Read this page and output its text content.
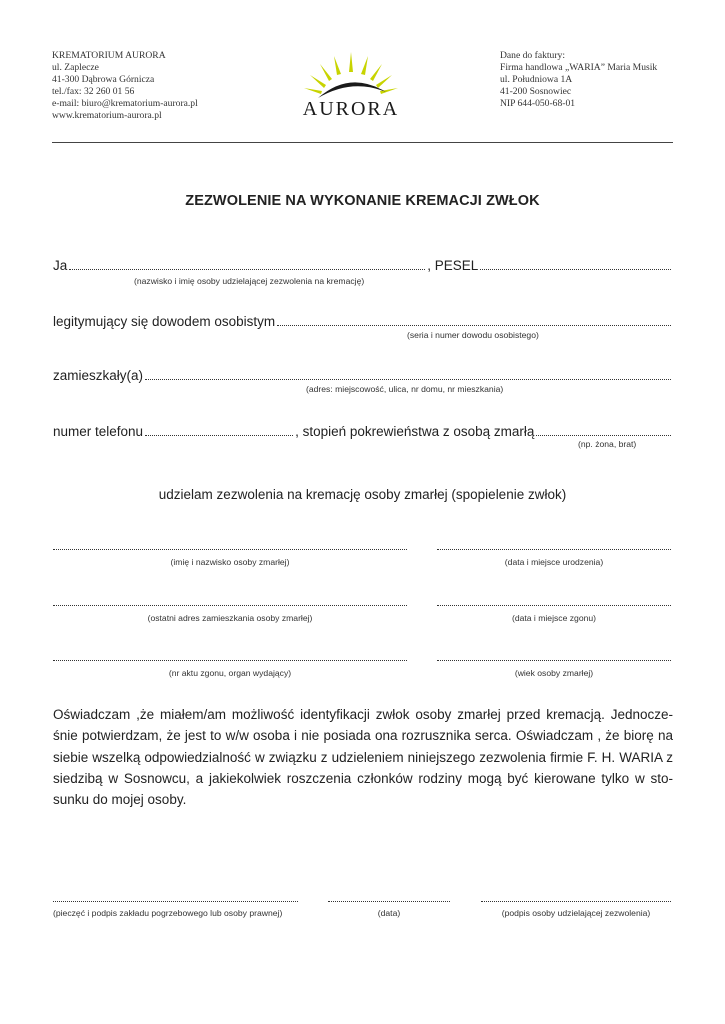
KREMATORIUM AURORA
ul. Zaplecze
41-300 Dąbrowa Górnicza
tel./fax: 32 260 01 56
e-mail: biuro@krematorium-aurora.pl
www.krematorium-aurora.pl	AURORA
Dane do faktury:
Firma handlowa „WARIA” Maria Musik
ul. Południowa 1A
41-200 Sosnowiec
NIP 644-050-68-01
ZEZWOLENIE NA WYKONANIE KREMACJI ZWŁOK
Ja	, PESEL
(nazwisko i imię osoby udzielającej zezwolenia na kremację)
legitymujący się dowodem osobistym
(seria i numer dowodu osobistego)
zamieszkały(a)
(adres: miejscowość, ulica, nr domu, nr mieszkania)
numer telefonu	, stopień pokrewieństwa z osobą zmarłą
(np. żona, brat)
udzielam zezwolenia na kremację osoby zmarłej (spopielenie zwłok)
(imię i nazwisko osoby zmarłej)	(data i miejsce urodzenia)
(ostatni adres zamieszkania osoby zmarłej)	(data i miejsce zgonu)
(nr aktu zgonu, organ wydający)	(wiek osoby zmarłej)
Oświadczam ,że miałem/am możliwość identyfikacji zwłok osoby zmarłej przed kremacją. Jednocze-śnie potwierdzam, że jest to w/w osoba i nie posiada ona rozrusznika serca. Oświadczam , że biorę na siebie wszelką odpowiedzialność w związku z udzieleniem niniejszego zezwolenia firmie F. H. WARIA z siedzibą w Sosnowcu, a jakiekolwiek roszczenia członków rodziny mogą być kierowane tylko w sto-sunku do mojej osoby.
(pieczęć i podpis zakładu pogrzebowego lub osoby prawnej)	(data)	(podpis osoby udzielającej zezwolenia)
